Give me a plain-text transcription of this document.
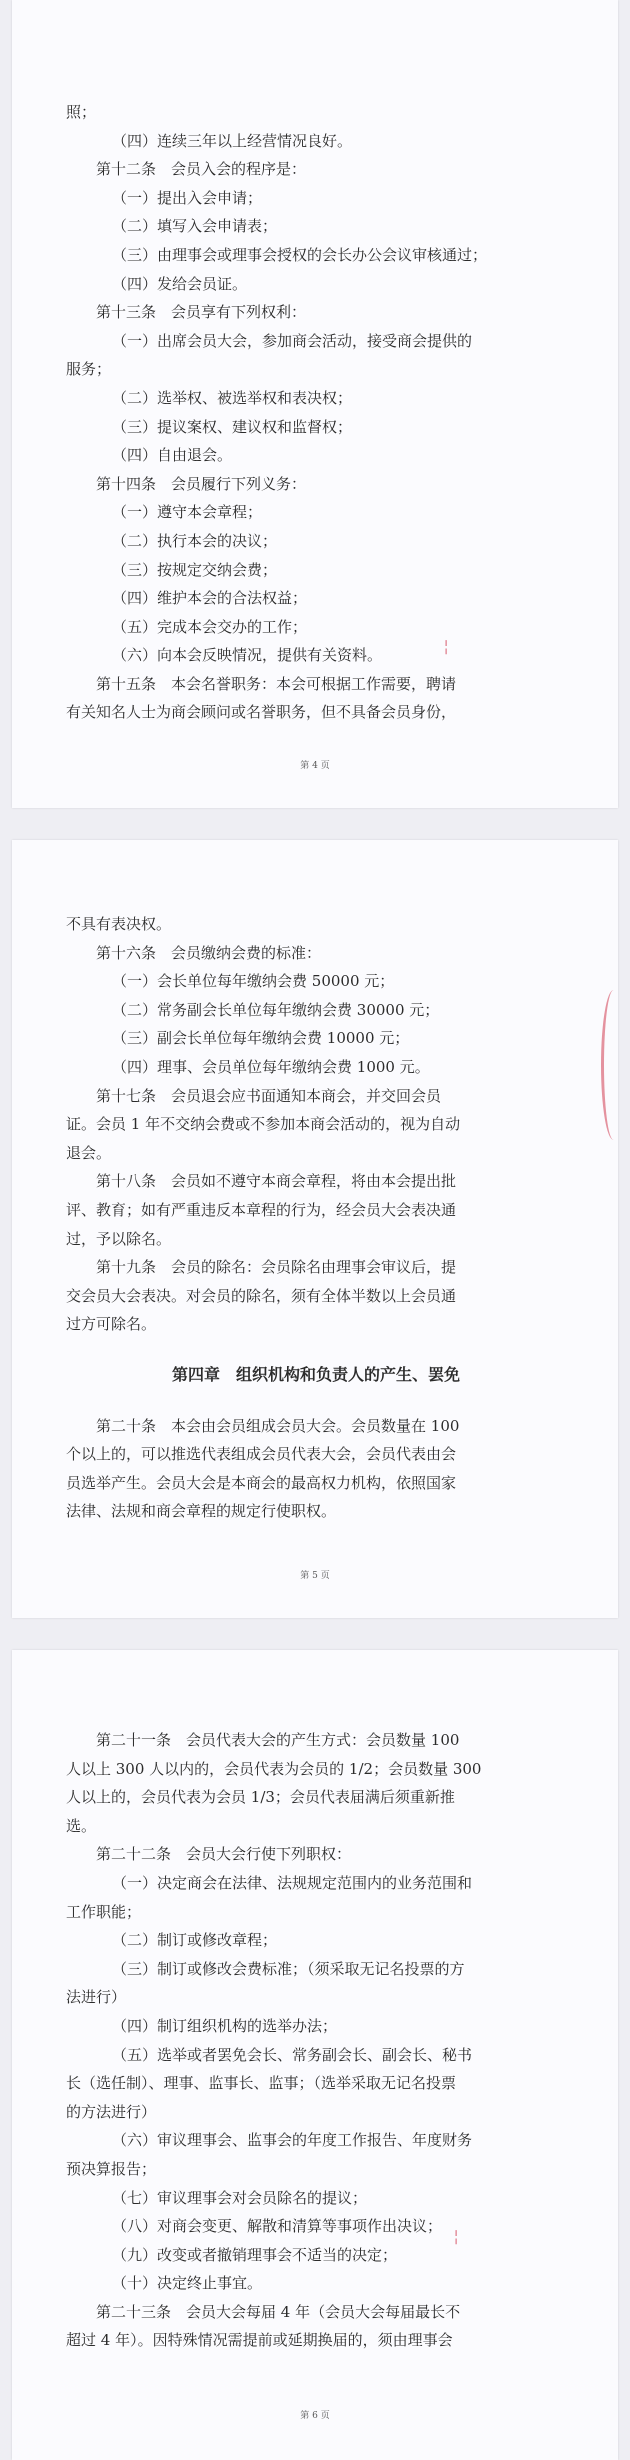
照；

（四）连续三年以上经营情况良好。

第十二条　会员入会的程序是：

（一）提出入会申请；

（二）填写入会申请表；

（三）由理事会或理事会授权的会长办公会议审核通过；

（四）发给会员证。

第十三条　会员享有下列权利：

（一）出席会员大会，参加商会活动，接受商会提供的

服务；

（二）选举权、被选举权和表决权；

（三）提议案权、建议权和监督权；

（四）自由退会。

第十四条　会员履行下列义务：

（一）遵守本会章程；

（二）执行本会的决议；

（三）按规定交纳会费；

（四）维护本会的合法权益；

（五）完成本会交办的工作；

（六）向本会反映情况，提供有关资料。

第十五条　本会名誉职务：本会可根据工作需要，聘请

有关知名人士为商会顾问或名誉职务，但不具备会员身份，

╎
第 4 页

不具有表决权。

第十六条　会员缴纳会费的标准：

（一）会长单位每年缴纳会费 50000 元；

（二）常务副会长单位每年缴纳会费 30000 元；

（三）副会长单位每年缴纳会费 10000 元；

（四）理事、会员单位每年缴纳会费 1000 元。

第十七条　会员退会应书面通知本商会，并交回会员

证。会员 1 年不交纳会费或不参加本商会活动的，视为自动

退会。

第十八条　会员如不遵守本商会章程，将由本会提出批

评、教育；如有严重违反本章程的行为，经会员大会表决通

过，予以除名。

第十九条　会员的除名：会员除名由理事会审议后，提

交会员大会表决。对会员的除名，须有全体半数以上会员通

过方可除名。

第四章　组织机构和负责人的产生、罢免

第二十条　本会由会员组成会员大会。会员数量在 100

个以上的，可以推选代表组成会员代表大会，会员代表由会

员选举产生。会员大会是本商会的最高权力机构，依照国家

法律、法规和商会章程的规定行使职权。

第 5 页

第二十一条　会员代表大会的产生方式：会员数量 100

人以上 300 人以内的，会员代表为会员的 1/2；会员数量 300

人以上的，会员代表为会员 1/3；会员代表届满后须重新推

选。

第二十二条　会员大会行使下列职权：

（一）决定商会在法律、法规规定范围内的业务范围和

工作职能；

（二）制订或修改章程；

（三）制订或修改会费标准；（须采取无记名投票的方

法进行）

（四）制订组织机构的选举办法；

（五）选举或者罢免会长、常务副会长、副会长、秘书

长（选任制）、理事、监事长、监事；（选举采取无记名投票

的方法进行）

（六）审议理事会、监事会的年度工作报告、年度财务

预决算报告；

（七）审议理事会对会员除名的提议；

（八）对商会变更、解散和清算等事项作出决议；

（九）改变或者撤销理事会不适当的决定；

（十）决定终止事宜。

第二十三条　会员大会每届 4 年（会员大会每届最长不

超过 4 年）。因特殊情况需提前或延期换届的，须由理事会

╎
第 6 页
